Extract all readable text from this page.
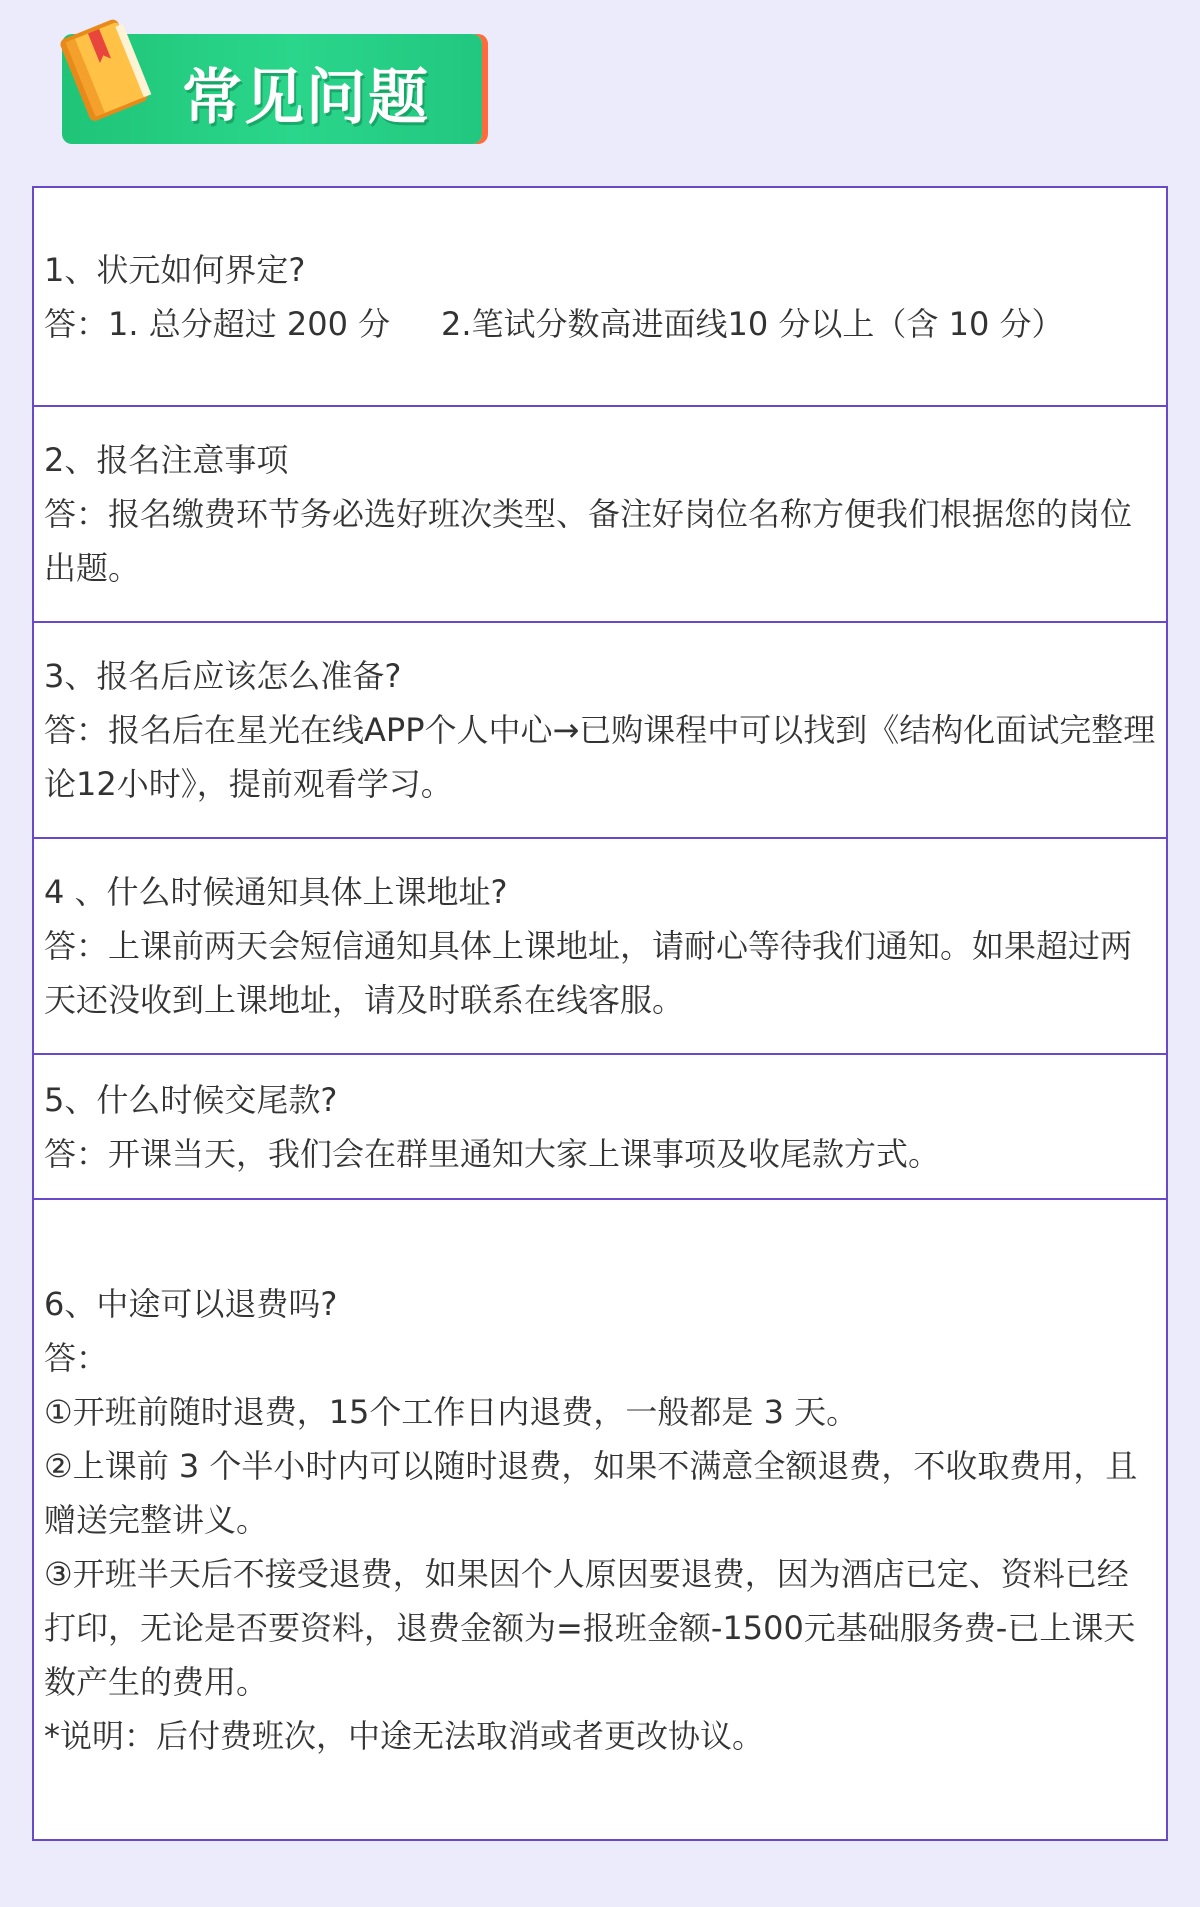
常见问题
1、状元如何界定?
答：1. 总分超过 200 分     2.笔试分数高进面线10 分以上（含 10 分）
2、报名注意事项
答：报名缴费环节务必选好班次类型、备注好岗位名称方便我们根据您的岗位出题。
3、报名后应该怎么准备?
答：报名后在星光在线APP个人中心→已购课程中可以找到《结构化面试完整理论12小时》，提前观看学习。
4 、什么时候通知具体上课地址?
答：上课前两天会短信通知具体上课地址，请耐心等待我们通知。如果超过两天还没收到上课地址，请及时联系在线客服。
5、什么时候交尾款?
答：开课当天，我们会在群里通知大家上课事项及收尾款方式。
6、中途可以退费吗?
答：
①开班前随时退费，15个工作日内退费，一般都是 3 天。
②上课前 3 个半小时内可以随时退费，如果不满意全额退费，不收取费用，且赠送完整讲义。
③开班半天后不接受退费，如果因个人原因要退费，因为酒店已定、资料已经打印，无论是否要资料，退费金额为=报班金额-1500元基础服务费-已上课天数产生的费用。
*说明：后付费班次，中途无法取消或者更改协议。
